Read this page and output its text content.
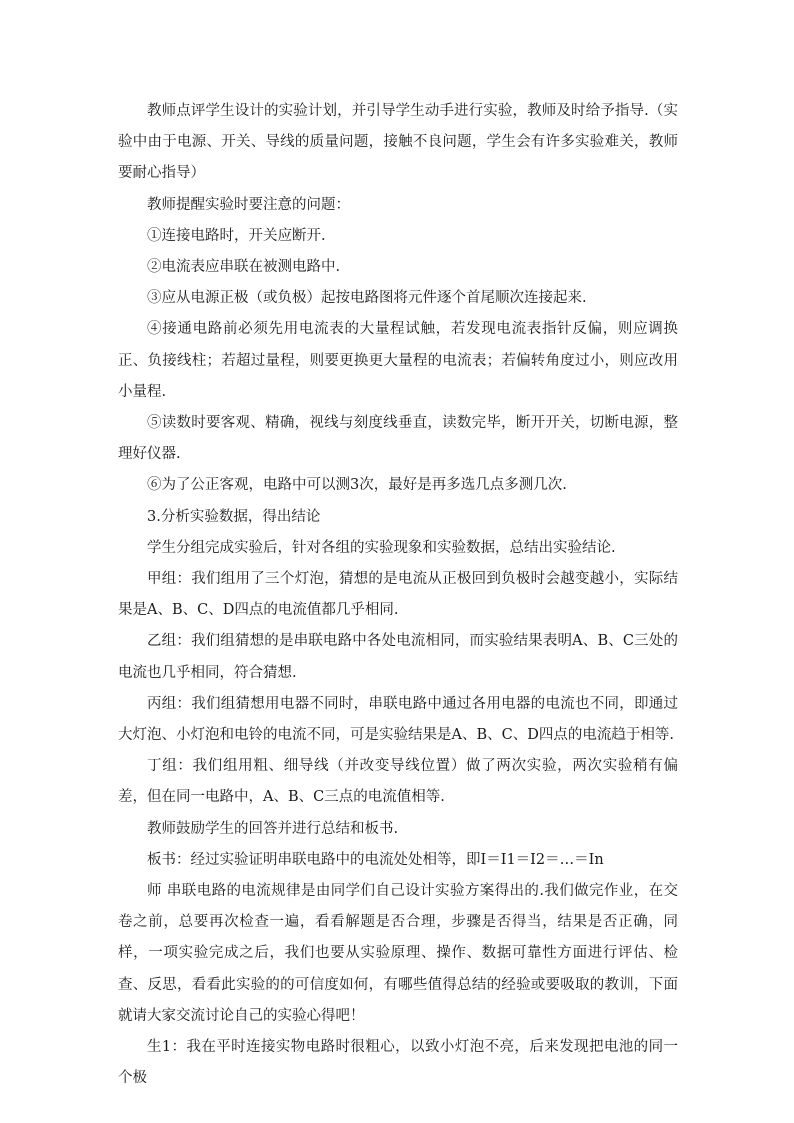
教师点评学生设计的实验计划，并引导学生动手进行实验，教师及时给予指导.（实验中由于电源、开关、导线的质量问题，接触不良问题，学生会有许多实验难关，教师要耐心指导）

教师提醒实验时要注意的问题：

①连接电路时，开关应断开.

②电流表应串联在被测电路中.

③应从电源正极（或负极）起按电路图将元件逐个首尾顺次连接起来.

④接通电路前必须先用电流表的大量程试触，若发现电流表指针反偏，则应调换正、负接线柱；若超过量程，则要更换更大量程的电流表；若偏转角度过小，则应改用小量程.

⑤读数时要客观、精确，视线与刻度线垂直，读数完毕，断开开关，切断电源，整理好仪器.

⑥为了公正客观，电路中可以测3次，最好是再多选几点多测几次.

3.分析实验数据，得出结论

学生分组完成实验后，针对各组的实验现象和实验数据，总结出实验结论.

甲组：我们组用了三个灯泡，猜想的是电流从正极回到负极时会越变越小，实际结果是A、B、C、D四点的电流值都几乎相同.

乙组：我们组猜想的是串联电路中各处电流相同，而实验结果表明A、B、C三处的电流也几乎相同，符合猜想.

丙组：我们组猜想用电器不同时，串联电路中通过各用电器的电流也不同，即通过大灯泡、小灯泡和电铃的电流不同，可是实验结果是A、B、C、D四点的电流趋于相等.

丁组：我们组用粗、细导线（并改变导线位置）做了两次实验，两次实验稍有偏差，但在同一电路中，A、B、C三点的电流值相等.

教师鼓励学生的回答并进行总结和板书.

板书：经过实验证明串联电路中的电流处处相等，即I＝I1＝I2＝…＝In

师 串联电路的电流规律是由同学们自己设计实验方案得出的.我们做完作业，在交卷之前，总要再次检查一遍，看看解题是否合理，步骤是否得当，结果是否正确，同样，一项实验完成之后，我们也要从实验原理、操作、数据可靠性方面进行评估、检查、反思，看看此实验的的可信度如何，有哪些值得总结的经验或要吸取的教训，下面就请大家交流讨论自己的实验心得吧！

生1：我在平时连接实物电路时很粗心，以致小灯泡不亮，后来发现把电池的同一个极
